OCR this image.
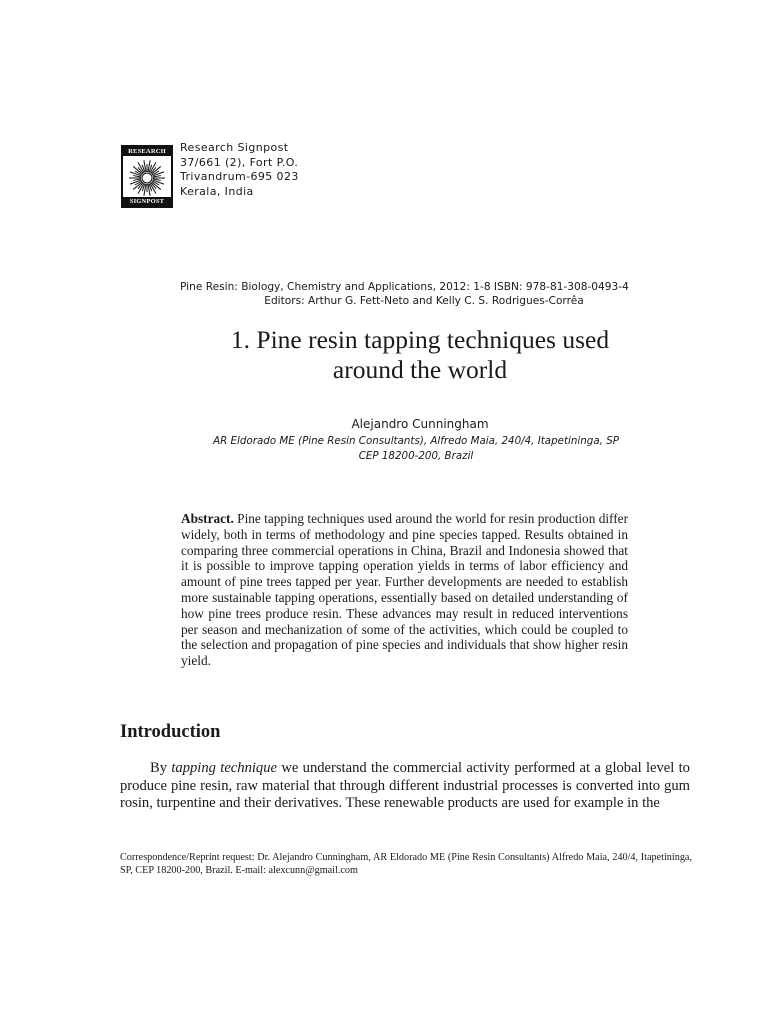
RESEARCH
SIGNPOST
Research Signpost
37/661 (2), Fort P.O.
Trivandrum-695 023
Kerala, India
Pine Resin: Biology, Chemistry and Applications, 2012: 1-8 ISBN: 978-81-308-0493-4
Editors: Arthur G. Fett-Neto and Kelly C. S. Rodrigues-Corrêa
1. Pine resin tapping techniques used
around the world
Alejandro Cunningham
AR Eldorado ME (Pine Resin Consultants), Alfredo Maia, 240/4, Itapetininga, SP
CEP 18200-200, Brazil
Abstract. Pine tapping techniques used around the world for resin production differ widely, both in terms of methodology and pine species tapped. Results obtained in comparing three commercial operations in China, Brazil and Indonesia showed that it is possible to improve tapping operation yields in terms of labor efficiency and amount of pine trees tapped per year. Further developments are needed to establish more sustainable tapping operations, essentially based on detailed understanding of how pine trees produce resin. These advances may result in reduced interventions per season and mechanization of some of the activities, which could be coupled to the selection and propagation of pine species and individuals that show higher resin yield.
Introduction
By tapping technique we understand the commercial activity performed at a global level to produce pine resin, raw material that through different industrial processes is converted into gum rosin, turpentine and their derivatives. These renewable products are used for example in the
Correspondence/Reprint request: Dr. Alejandro Cunningham, AR Eldorado ME (Pine Resin Consultants) Alfredo Maia, 240/4, Itapetininga, SP, CEP 18200-200, Brazil. E-mail: alexcunn@gmail.com
